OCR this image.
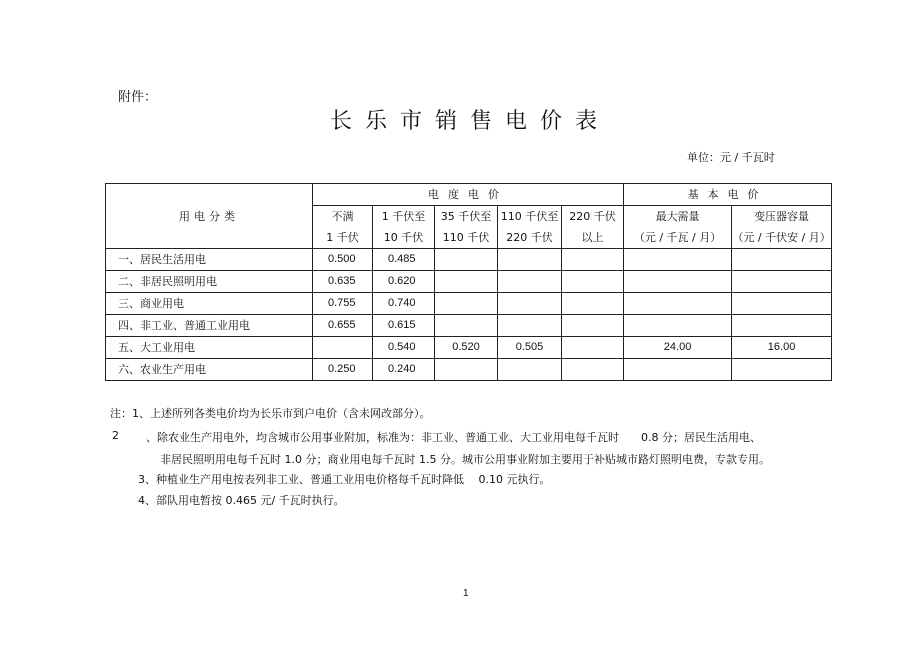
附件：
长乐市销售电价表
单位：元 / 千瓦时
用电分类	电度电价					基本电价	
	不满	1 千伏至	35 千伏至	110 千伏至	220 千伏	最大需量	变压器容量
	1 千伏	10 千伏	110 千伏	220 千伏	以上	（元 / 千瓦 / 月）	（元 / 千伏安 / 月）
一、居民生活用电	0.500	0.485					
二、非居民照明用电	0.635	0.620					
三、商业用电	0.755	0.740					
四、非工业、普通工业用电	0.655	0.615					
五、大工业用电		0.540	0.520	0.505		24.00	16.00
六、农业生产用电	0.250	0.240					
注：1、上述所列各类电价均为长乐市到户电价（含未网改部分）。
2 、除农业生产用电外，均含城市公用事业附加，标准为：非工业、普通工业、大工业用电每千瓦时　　0.8 分；居民生活用电、
非居民照明用电每千瓦时 1.0 分；商业用电每千瓦时 1.5 分。城市公用事业附加主要用于补贴城市路灯照明电费，专款专用。
3、种植业生产用电按表列非工业、普通工业用电价格每千瓦时降低　 0.10 元执行。
4、部队用电暂按 0.465 元/ 千瓦时执行。
1
